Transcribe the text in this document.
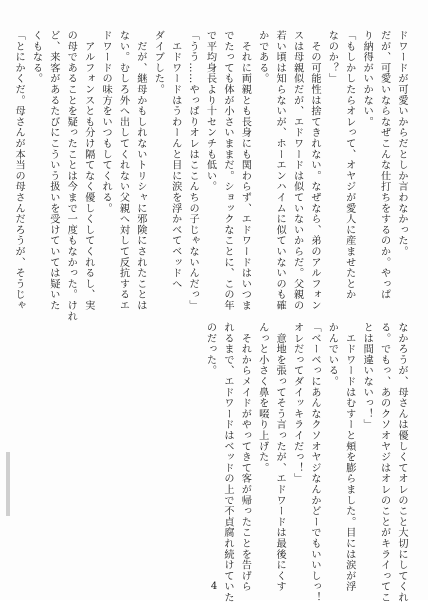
ドワードが可愛いからだとしか言わなかった。
だが、可愛いならなぜこんな仕打ちをするのか。やっぱ
り納得がいかない。
「もしかしたらオレって、オヤジが愛人に産ませたとか
なのか？」
　その可能性は捨てきれない。なぜなら、弟のアルフォン
スは母親似だが、エドワードは似ていないからだ。父親の
若い頃は知らないが、ホーエンハイムに似ていないのも確
かである。
　それに両親とも長身にも関わらず、エドワードはいつま
でたっても体が小さいままだ。ショックなことに、この年
で平均身長より十センチも低い。
「うう……やっぱりオレはここんちの子じゃないんだっ」
　エドワードはうわーんと目に涙を浮かべてベッドへ
ダイブした。
　だが、継母かもしれないトリシャに邪険にされたことは
ない。むしろ外へ出してくれない父親へ対して反抗するエ
ドワードの味方をいつもしてくれる。
　アルフォンスとも分け隔てなく優しくしてくれるし、実
の母であることを疑ったことは今まで一度もなかった。けれ
ど、来客があるたびにこういう扱いを受けていては疑いた
くもなる。
「とにかくだ。母さんが本当の母さんだろうが、そうじゃ
なかろうが、母さんは優しくてオレのこと大切にしてくれ
る。でもっ、あのクソオヤジはオレのことがキライってこ
とは間違いないっ！」
　エドワードはむすーと頬を膨らました。目には涙が浮
かんでいる。
「ベーベっにあんなクソオヤジなんかどーでもいいしっ！
オレだってダイッキライだっ！」
　意地を張ってそう言ったが、エドワードは最後にくす
んっと小さく鼻を啜り上げた。
　それからメイドがやってきて客が帰ったことを告げら
れるまで、エドワードはベッドの上で不貞腐れ続けていた
のだった。
4
